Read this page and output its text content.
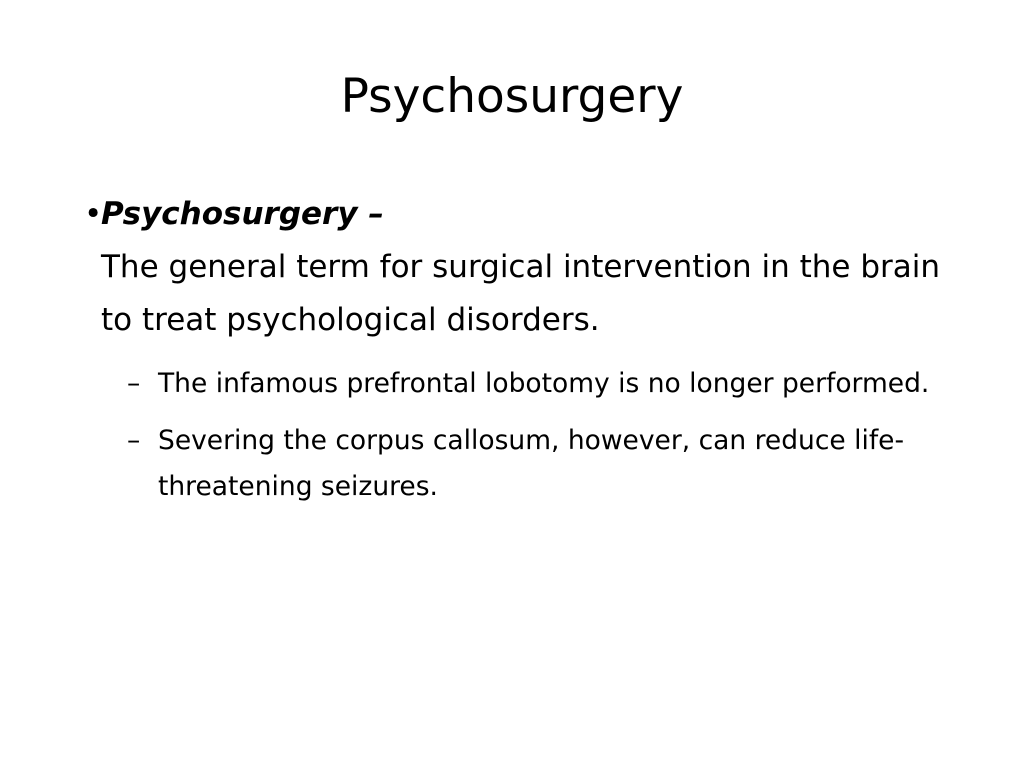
Psychosurgery
•
Psychosurgery –
The general term for surgical intervention in the brain to treat psychological disorders.
– The infamous prefrontal lobotomy is no longer performed.
– Severing the corpus callosum, however, can reduce life-threatening seizures.
